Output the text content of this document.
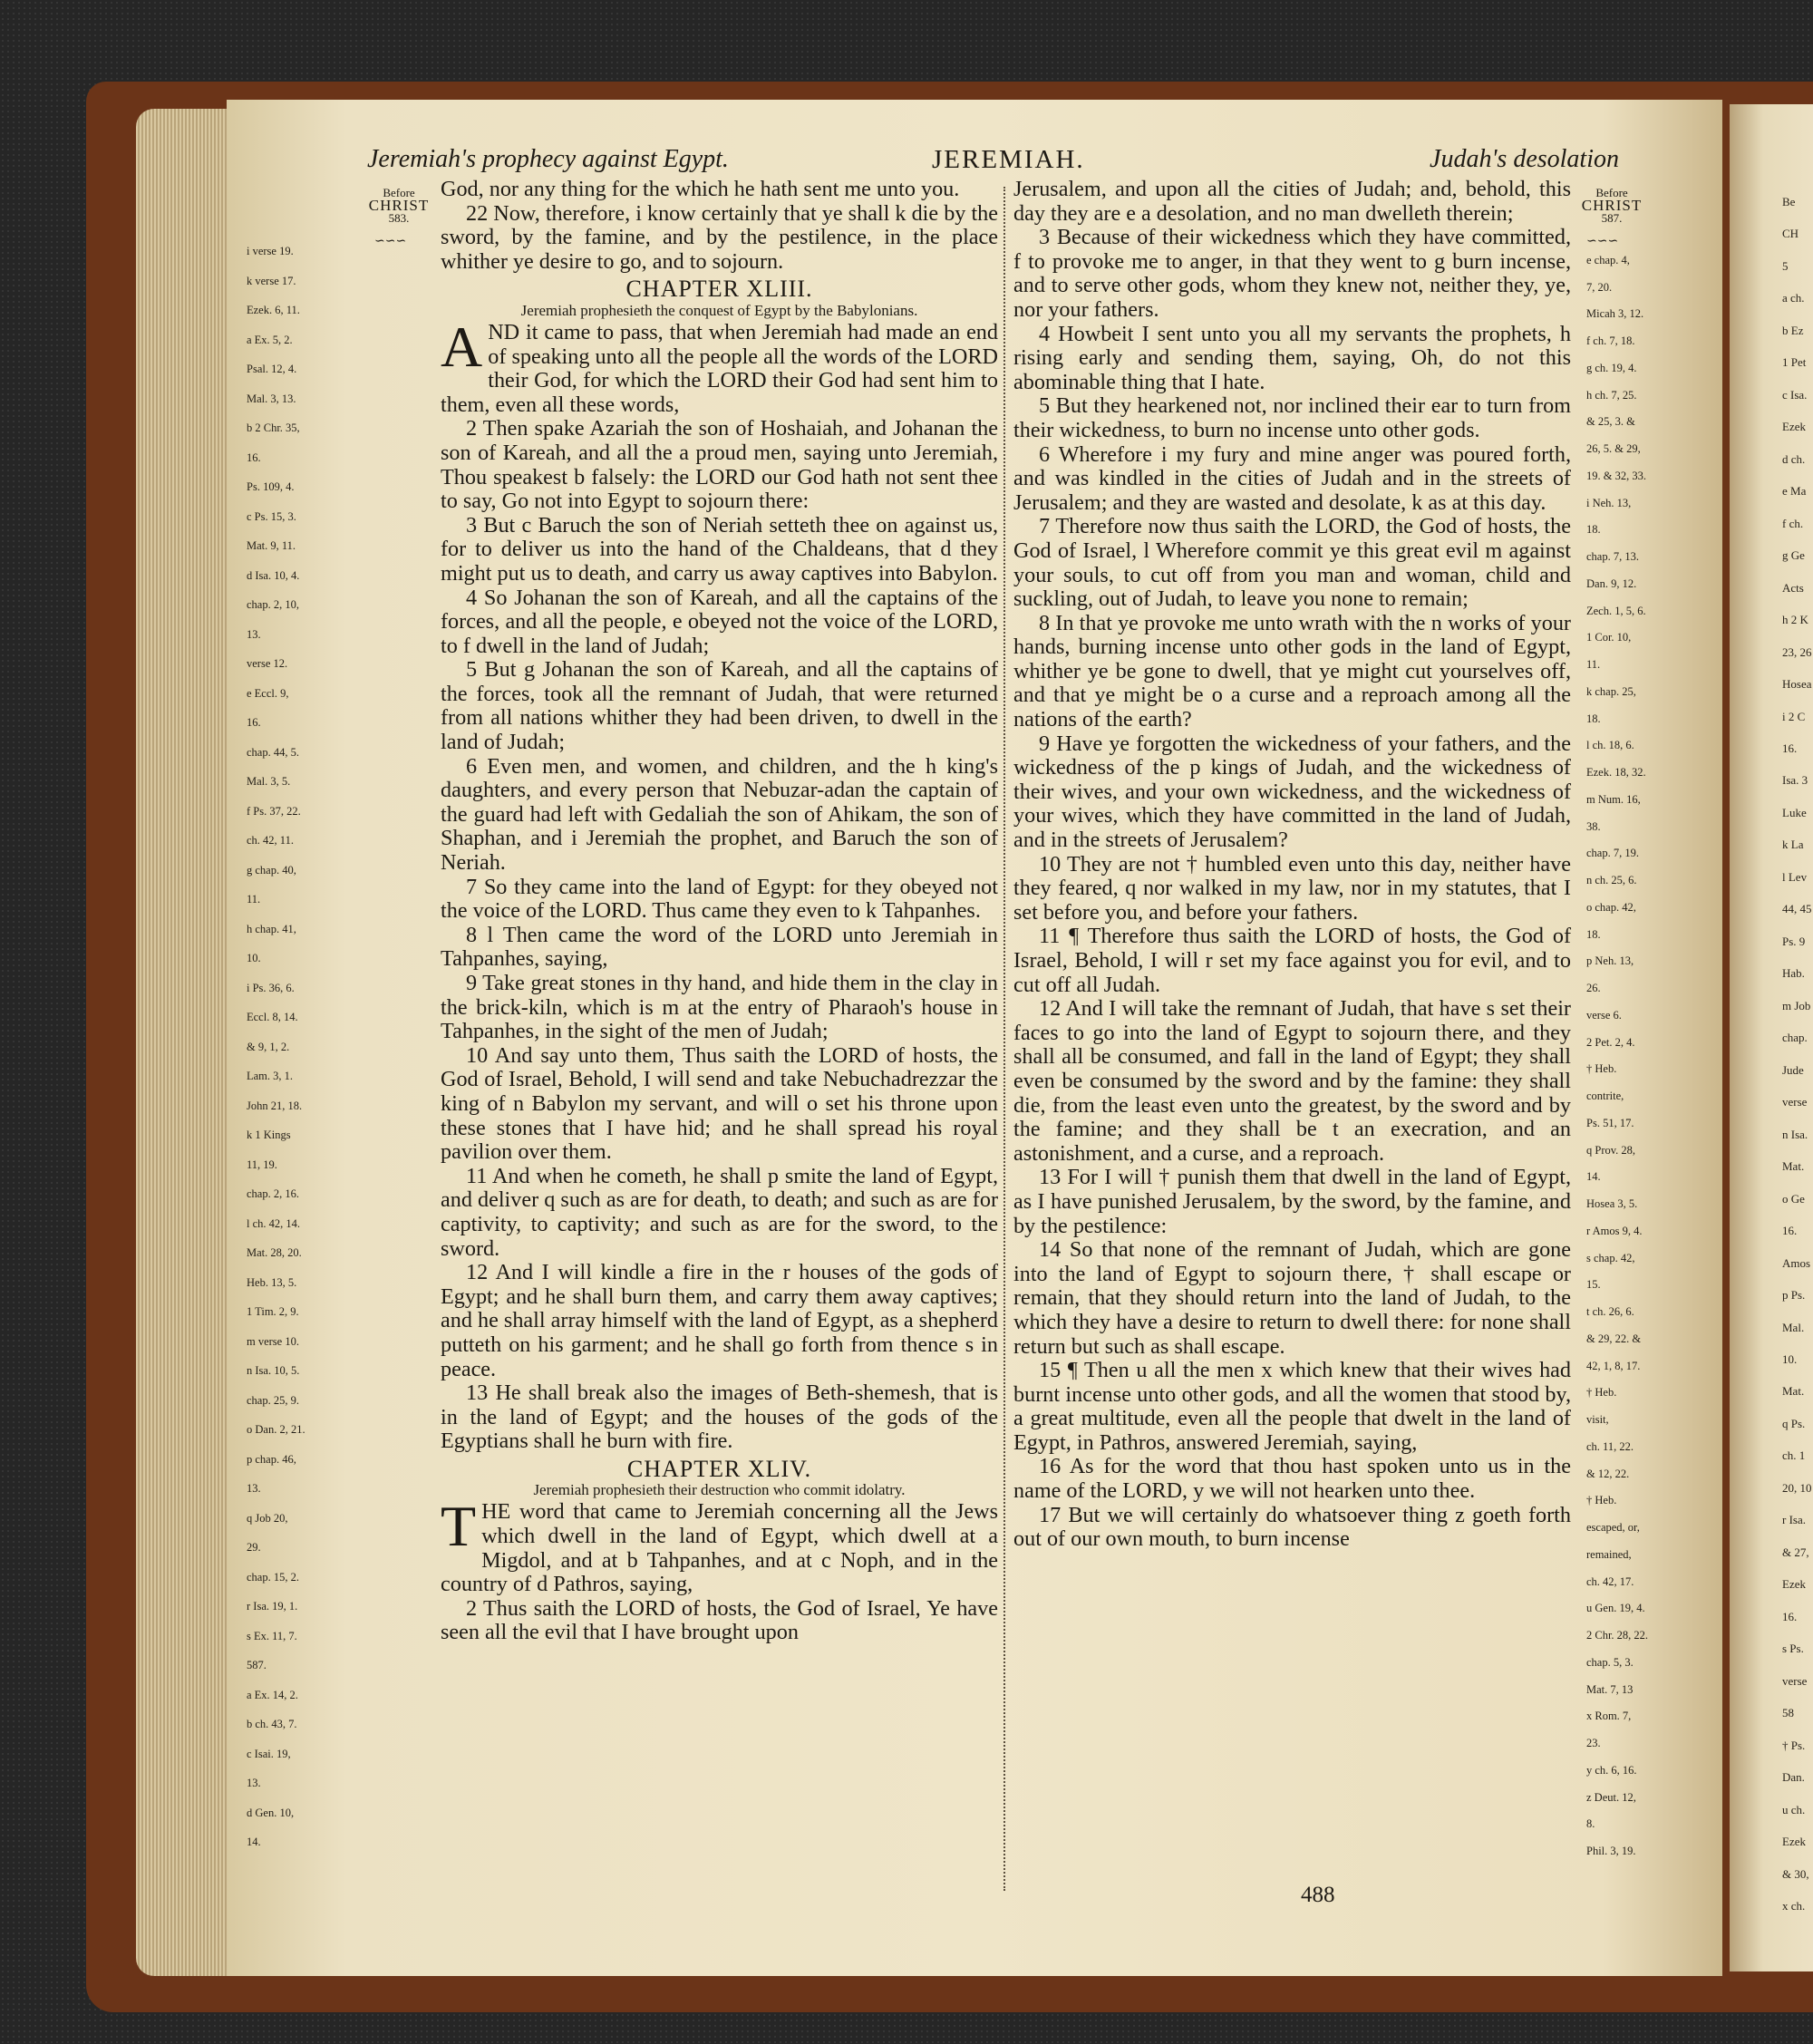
Jeremiah's prophecy against Egypt.	JEREMIAH.	Judah's desolation
Before
CHRIST
583.
∽∽∽
Before
CHRIST
587.
∽∽∽
i verse 19.
k verse 17.
Ezek. 6, 11.
a Ex. 5, 2.
Psal. 12, 4.
Mal. 3, 13.
b 2 Chr. 35,
16.
Ps. 109, 4.
c Ps. 15, 3.
Mat. 9, 11.
d Isa. 10, 4.
chap. 2, 10,
13.
verse 12.
e Eccl. 9,
16.
chap. 44, 5.
Mal. 3, 5.
f Ps. 37, 22.
ch. 42, 11.
g chap. 40,
11.
h chap. 41,
10.
i Ps. 36, 6.
Eccl. 8, 14.
& 9, 1, 2.
Lam. 3, 1.
John 21, 18.
k 1 Kings
11, 19.
chap. 2, 16.
l ch. 42, 14.
Mat. 28, 20.
Heb. 13, 5.
1 Tim. 2, 9.
m verse 10.
n Isa. 10, 5.
chap. 25, 9.
o Dan. 2, 21.
p chap. 46,
13.
q Job 20,
29.
chap. 15, 2.
r Isa. 19, 1.
s Ex. 11, 7.
587.
a Ex. 14, 2.
b ch. 43, 7.
c Isai. 19,
13.
d Gen. 10,
14.
e chap. 4,
7, 20.
Micah 3, 12.
f ch. 7, 18.
g ch. 19, 4.
h ch. 7, 25.
& 25, 3. &
26, 5. & 29,
19. & 32, 33.
i Neh. 13,
18.
chap. 7, 13.
Dan. 9, 12.
Zech. 1, 5, 6.
1 Cor. 10,
11.
k chap. 25,
18.
l ch. 18, 6.
Ezek. 18, 32.
m Num. 16,
38.
chap. 7, 19.
n ch. 25, 6.
o chap. 42,
18.
p Neh. 13,
26.
verse 6.
2 Pet. 2, 4.
† Heb.
contrite,
Ps. 51, 17.
q Prov. 28,
14.
Hosea 3, 5.
r Amos 9, 4.
s chap. 42,
15.
t ch. 26, 6.
& 29, 22. &
42, 1, 8, 17.
† Heb.
visit,
ch. 11, 22.
& 12, 22.
† Heb.
escaped, or,
remained,
ch. 42, 17.
u Gen. 19, 4.
2 Chr. 28, 22.
chap. 5, 3.
Mat. 7, 13
x Rom. 7,
23.
y ch. 6, 16.
z Deut. 12,
8.
Phil. 3, 19.

God, nor any thing for the which he hath sent me unto you.

22 Now, therefore, i know certainly that ye shall k die by the sword, by the famine, and by the pestilence, in the place whither ye desire to go, and to sojourn.

CHAPTER XLIII.
Jeremiah prophesieth the conquest of Egypt by the Babylonians.

AND it came to pass, that when Jeremiah had made an end of speaking unto all the people all the words of the LORD their God, for which the LORD their God had sent him to them, even all these words,

2 Then spake Azariah the son of Hoshaiah, and Johanan the son of Kareah, and all the a proud men, saying unto Jeremiah, Thou speakest b falsely: the LORD our God hath not sent thee to say, Go not into Egypt to sojourn there:

3 But c Baruch the son of Neriah setteth thee on against us, for to deliver us into the hand of the Chaldeans, that d they might put us to death, and carry us away captives into Babylon.

4 So Johanan the son of Kareah, and all the captains of the forces, and all the people, e obeyed not the voice of the LORD, to f dwell in the land of Judah;

5 But g Johanan the son of Kareah, and all the captains of the forces, took all the remnant of Judah, that were returned from all nations whither they had been driven, to dwell in the land of Judah;

6 Even men, and women, and children, and the h king's daughters, and every person that Nebuzar-adan the captain of the guard had left with Gedaliah the son of Ahikam, the son of Shaphan, and i Jeremiah the prophet, and Baruch the son of Neriah.

7 So they came into the land of Egypt: for they obeyed not the voice of the LORD. Thus came they even to k Tahpanhes.

8 l Then came the word of the LORD unto Jeremiah in Tahpanhes, saying,

9 Take great stones in thy hand, and hide them in the clay in the brick-kiln, which is m at the entry of Pharaoh's house in Tahpanhes, in the sight of the men of Judah;

10 And say unto them, Thus saith the LORD of hosts, the God of Israel, Behold, I will send and take Nebuchadrezzar the king of n Babylon my servant, and will o set his throne upon these stones that I have hid; and he shall spread his royal pavilion over them.

11 And when he cometh, he shall p smite the land of Egypt, and deliver q such as are for death, to death; and such as are for captivity, to captivity; and such as are for the sword, to the sword.

12 And I will kindle a fire in the r houses of the gods of Egypt; and he shall burn them, and carry them away captives; and he shall array himself with the land of Egypt, as a shepherd putteth on his garment; and he shall go forth from thence s in peace.

13 He shall break also the images of Beth-shemesh, that is in the land of Egypt; and the houses of the gods of the Egyptians shall he burn with fire.

CHAPTER XLIV.
Jeremiah prophesieth their destruction who commit idolatry.

THE word that came to Jeremiah concerning all the Jews which dwell in the land of Egypt, which dwell at a Migdol, and at b Tahpanhes, and at c Noph, and in the country of d Pathros, saying,

2 Thus saith the LORD of hosts, the God of Israel, Ye have seen all the evil that I have brought upon

Jerusalem, and upon all the cities of Judah; and, behold, this day they are e a desolation, and no man dwelleth therein;

3 Because of their wickedness which they have committed, f to provoke me to anger, in that they went to g burn incense, and to serve other gods, whom they knew not, neither they, ye, nor your fathers.

4 Howbeit I sent unto you all my servants the prophets, h rising early and sending them, saying, Oh, do not this abominable thing that I hate.

5 But they hearkened not, nor inclined their ear to turn from their wickedness, to burn no incense unto other gods.

6 Wherefore i my fury and mine anger was poured forth, and was kindled in the cities of Judah and in the streets of Jerusalem; and they are wasted and desolate, k as at this day.

7 Therefore now thus saith the LORD, the God of hosts, the God of Israel, l Wherefore commit ye this great evil m against your souls, to cut off from you man and woman, child and suckling, out of Judah, to leave you none to remain;

8 In that ye provoke me unto wrath with the n works of your hands, burning incense unto other gods in the land of Egypt, whither ye be gone to dwell, that ye might cut yourselves off, and that ye might be o a curse and a reproach among all the nations of the earth?

9 Have ye forgotten the wickedness of your fathers, and the wickedness of the p kings of Judah, and the wickedness of their wives, and your own wickedness, and the wickedness of your wives, which they have committed in the land of Judah, and in the streets of Jerusalem?

10 They are not † humbled even unto this day, neither have they feared, q nor walked in my law, nor in my statutes, that I set before you, and before your fathers.

11 ¶ Therefore thus saith the LORD of hosts, the God of Israel, Behold, I will r set my face against you for evil, and to cut off all Judah.

12 And I will take the remnant of Judah, that have s set their faces to go into the land of Egypt to sojourn there, and they shall all be consumed, and fall in the land of Egypt; they shall even be consumed by the sword and by the famine: they shall die, from the least even unto the greatest, by the sword and by the famine; and they shall be t an execration, and an astonishment, and a curse, and a reproach.

13 For I will † punish them that dwell in the land of Egypt, as I have punished Jerusalem, by the sword, by the famine, and by the pestilence:

14 So that none of the remnant of Judah, which are gone into the land of Egypt to sojourn there, † shall escape or remain, that they should return into the land of Judah, to the which they have a desire to return to dwell there: for none shall return but such as shall escape.

15 ¶ Then u all the men x which knew that their wives had burnt incense unto other gods, and all the women that stood by, a great multitude, even all the people that dwelt in the land of Egypt, in Pathros, answered Jeremiah, saying,

16 As for the word that thou hast spoken unto us in the name of the LORD, y we will not hearken unto thee.

17 But we will certainly do whatsoever thing z goeth forth out of our own mouth, to burn incense

488
Be
CH
5
a ch.
b Ez
1 Pet
c Isa.
Ezek
d ch.
e Ma
f ch.
g Ge
Acts
h 2 K
23, 26
Hosea
i 2 C
16.
Isa. 3
Luke
k La
l Lev
44, 45
Ps. 9
Hab.
m Job
chap.
Jude
verse
n Isa.
Mat.
o Ge
16.
Amos
p Ps.
Mal.
10.
Mat.
q Ps.
ch. 1
20, 10
r Isa.
& 27,
Ezek
16.
s Ps.
verse
58
† Ps.
Dan.
u ch.
Ezek
& 30,
x ch.
